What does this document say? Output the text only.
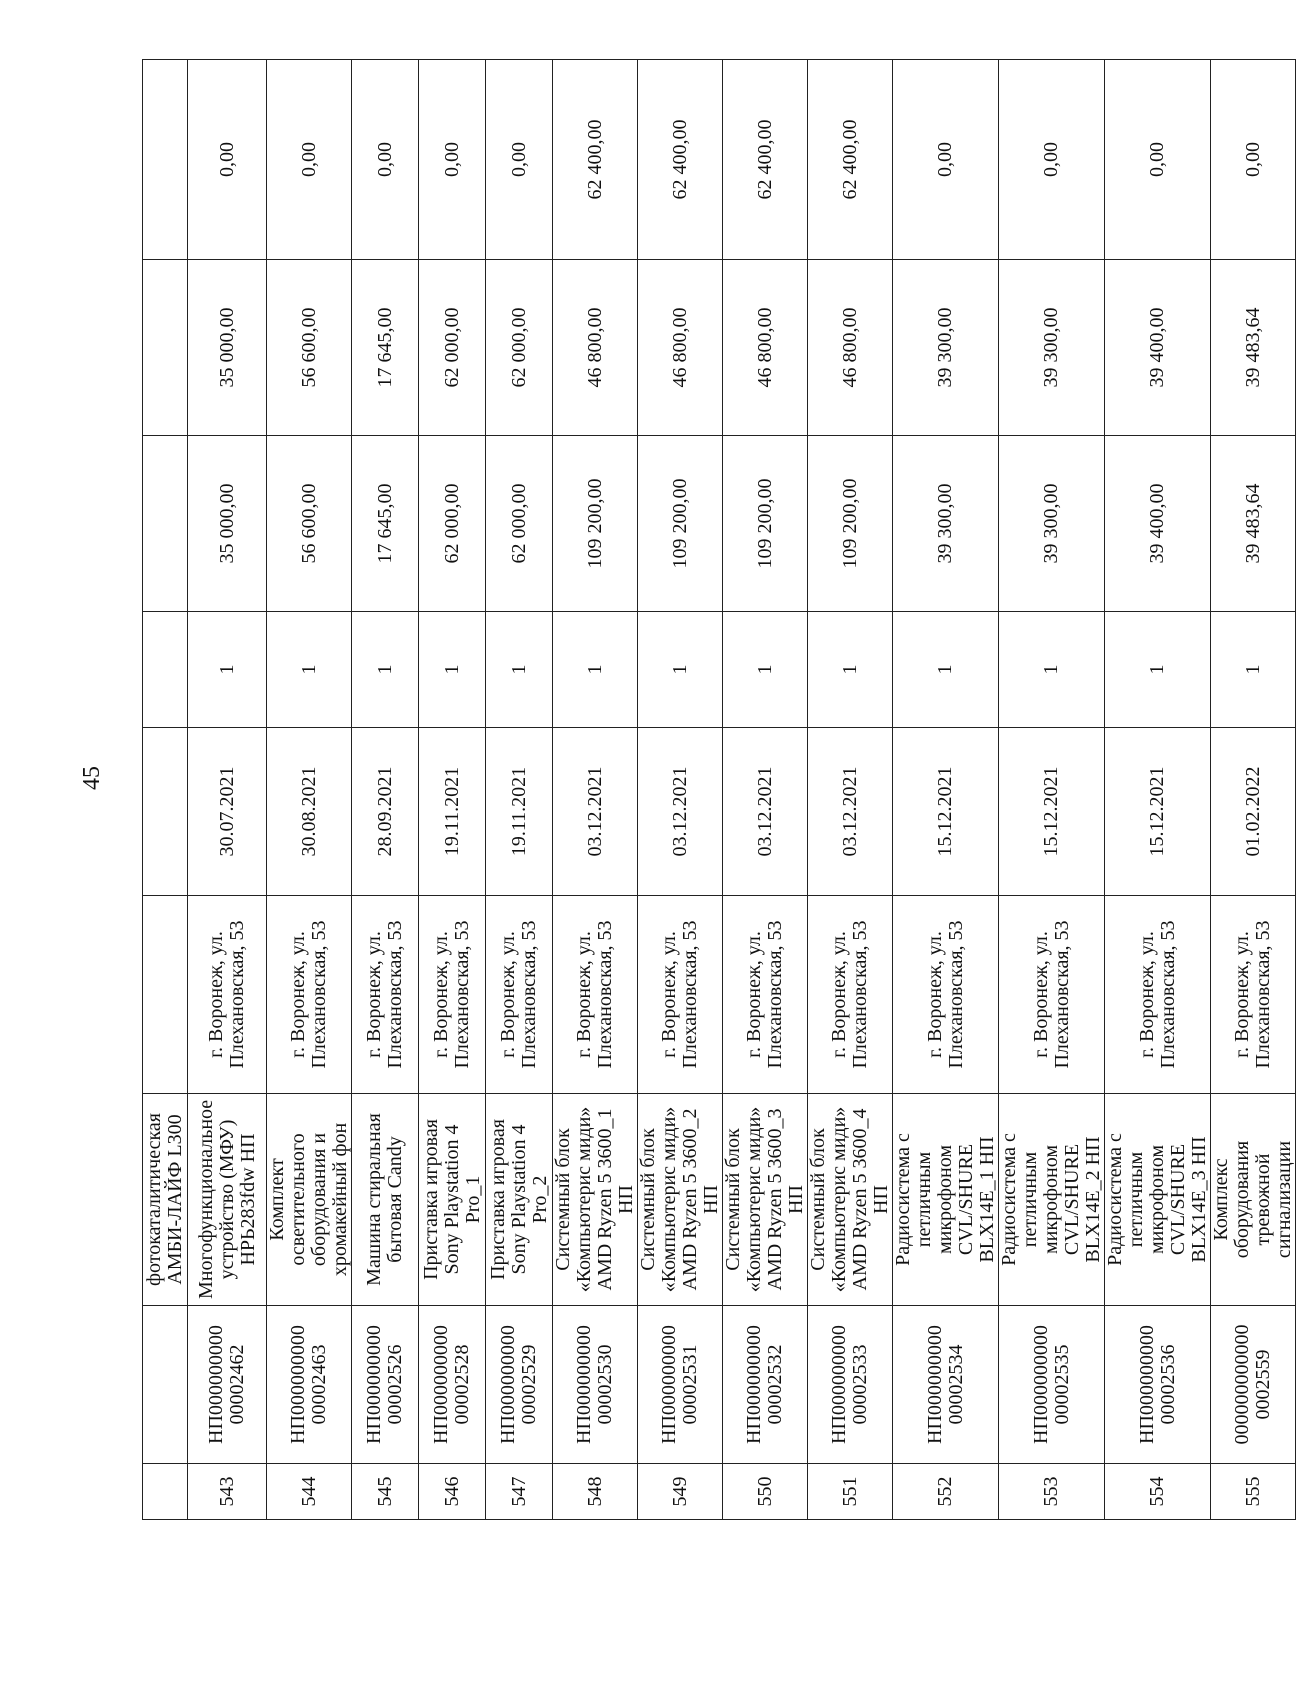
45
		фотокаталитическая АМБИ-ЛАЙФ L300						
543	НП000000000 00002462	Многофункциональное устройство (МФУ) HPЬ283fdw НП	г. Воронеж, ул. Плехановская, 53	30.07.2021	1	35 000,00	35 000,00	0,00
544	НП000000000 00002463	Комплект осветительного оборудования и хромакейный фон	г. Воронеж, ул. Плехановская, 53	30.08.2021	1	56 600,00	56 600,00	0,00
545	НП000000000 00002526	Машина стиральная бытовая Candy	г. Воронеж, ул. Плехановская, 53	28.09.2021	1	17 645,00	17 645,00	0,00
546	НП000000000 00002528	Приставка игровая Sony Playstation 4 Pro_1	г. Воронеж, ул. Плехановская, 53	19.11.2021	1	62 000,00	62 000,00	0,00
547	НП000000000 00002529	Приставка игровая Sony Playstation 4 Pro_2	г. Воронеж, ул. Плехановская, 53	19.11.2021	1	62 000,00	62 000,00	0,00
548	НП000000000 00002530	Системный блок «Компьютерис миди» AMD Ryzen 5 3600_1 НП	г. Воронеж, ул. Плехановская, 53	03.12.2021	1	109 200,00	46 800,00	62 400,00
549	НП000000000 00002531	Системный блок «Компьютерис миди» AMD Ryzen 5 3600_2 НП	г. Воронеж, ул. Плехановская, 53	03.12.2021	1	109 200,00	46 800,00	62 400,00
550	НП000000000 00002532	Системный блок «Компьютерис миди» AMD Ryzen 5 3600_3 НП	г. Воронеж, ул. Плехановская, 53	03.12.2021	1	109 200,00	46 800,00	62 400,00
551	НП000000000 00002533	Системный блок «Компьютерис миди» AMD Ryzen 5 3600_4 НП	г. Воронеж, ул. Плехановская, 53	03.12.2021	1	109 200,00	46 800,00	62 400,00
552	НП000000000 00002534	Радиосистема с петличным микрофоном CVL/SHURE BLX14E_1 НП	г. Воронеж, ул. Плехановская, 53	15.12.2021	1	39 300,00	39 300,00	0,00
553	НП000000000 00002535	Радиосистема с петличным микрофоном CVL/SHURE BLX14E_2 НП	г. Воронеж, ул. Плехановская, 53	15.12.2021	1	39 300,00	39 300,00	0,00
554	НП000000000 00002536	Радиосистема с петличным микрофоном CVL/SHURE BLX14E_3 НП	г. Воронеж, ул. Плехановская, 53	15.12.2021	1	39 400,00	39 400,00	0,00
555	000000000000 0002559	Комплекс оборудования тревожной сигнализации	г. Воронеж, ул. Плехановская, 53	01.02.2022	1	39 483,64	39 483,64	0,00
